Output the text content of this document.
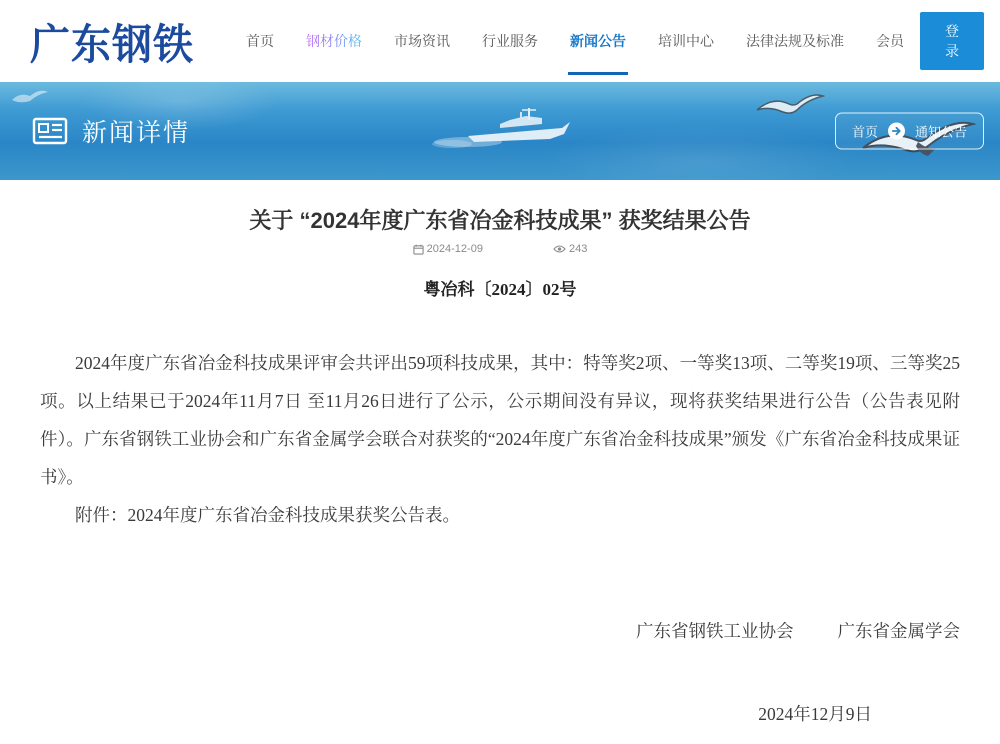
广东钢铁	首页 钢材价格 市场资讯 行业服务 新闻公告 培训中心 法律法规及标准 会员
登录
新闻详情	首页	通知公告
关于 “2024年度广东省冶金科技成果” 获奖结果公告
2024-12-09	243
粤冶科〔2024〕02号

2024年度广东省冶金科技成果评审会共评出59项科技成果，其中：特等奖2项、一等奖13项、二等奖19项、三等奖25项。以上结果已于2024年11月7日 至11月26日进行了公示，公示期间没有异议，现将获奖结果进行公告（公告表见附件）。广东省钢铁工业协会和广东省金属学会联合对获奖的“2024年度广东省冶金科技成果”颁发《广东省冶金科技成果证书》。

附件：2024年度广东省冶金科技成果获奖公告表。

广东省钢铁工业协会	广东省金属学会
2024年12月9日
